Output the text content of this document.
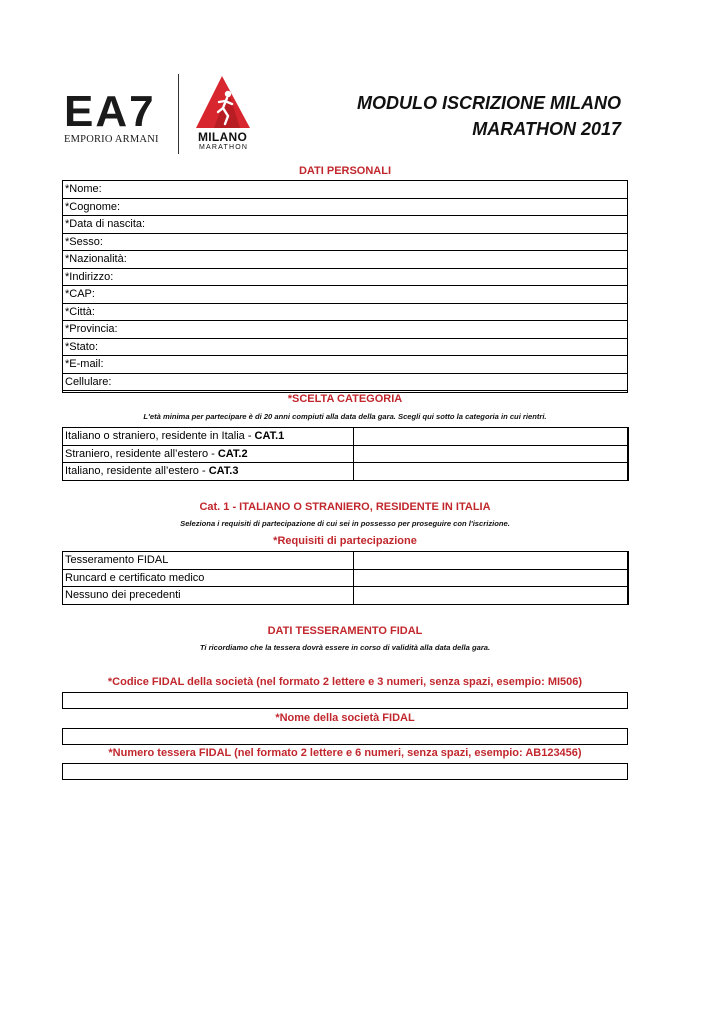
EA7
EMPORIO ARMANI	MILANO
MARATHON
MODULO ISCRIZIONE MILANO
MARATHON 2017
DATI PERSONALI
*Nome:
*Cognome:
*Data di nascita:
*Sesso:
*Nazionalità:
*Indirizzo:
*CAP:
*Città:
*Provincia:
*Stato:
*E-mail:
Cellulare:
*SCELTA CATEGORIA
L'età minima per partecipare è di 20 anni compiuti alla data della gara. Scegli qui sotto la categoria in cui rientri.
Italiano o straniero, residente in Italia - CAT.1	
Straniero, residente all’estero - CAT.2	
Italiano, residente all’estero - CAT.3	
Cat. 1 - ITALIANO O STRANIERO, RESIDENTE IN ITALIA
Seleziona i requisiti di partecipazione di cui sei in possesso per proseguire con l'iscrizione.
*Requisiti di partecipazione
Tesseramento FIDAL	
Runcard e certificato medico	
Nessuno dei precedenti	
DATI TESSERAMENTO FIDAL
Ti ricordiamo che la tessera dovrà essere in corso di validità alla data della gara.
*Codice FIDAL della società (nel formato 2 lettere e 3 numeri, senza spazi, esempio: MI506)
*Nome della società FIDAL
*Numero tessera FIDAL (nel formato 2 lettere e 6 numeri, senza spazi, esempio: AB123456)
